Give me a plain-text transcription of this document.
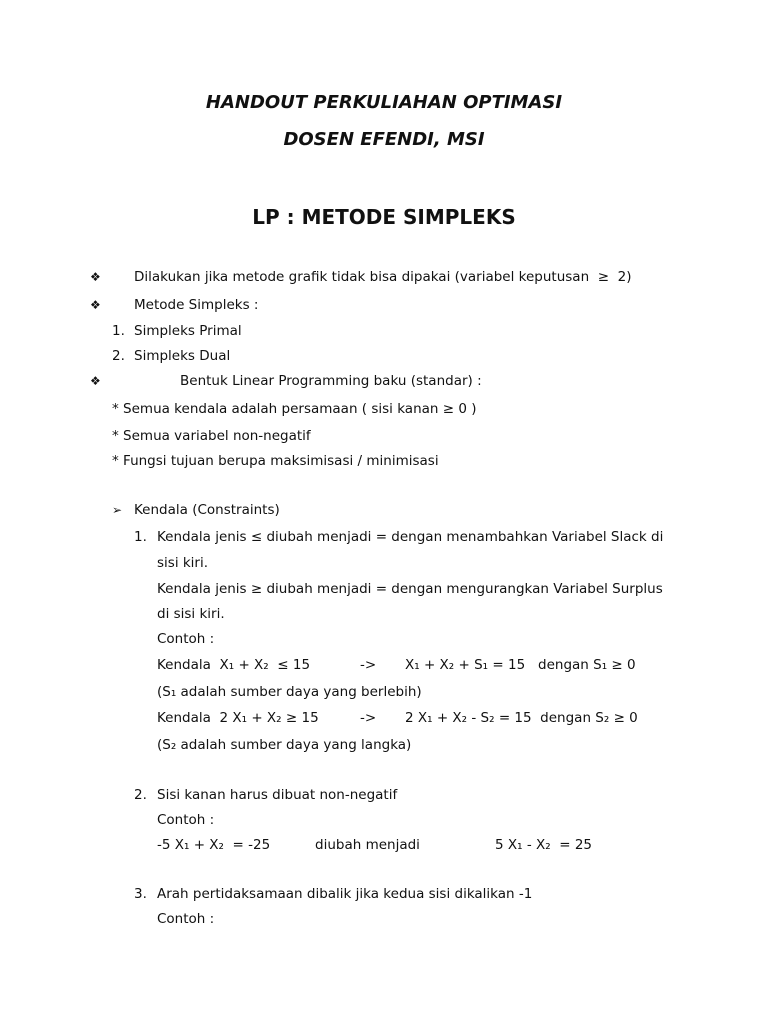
HANDOUT PERKULIAHAN OPTIMASI
DOSEN EFENDI, MSI
LP : METODE SIMPLEKS
❖ Dilakukan jika metode grafik tidak bisa dipakai (variabel keputusan  ≥  2)
❖ Metode Simpleks :
1. Simpleks Primal
2. Simpleks Dual
❖	Bentuk Linear Programming baku (standar) :
* Semua kendala adalah persamaan ( sisi kanan ≥ 0 )
* Semua variabel non-negatif
* Fungsi tujuan berupa maksimisasi / minimisasi
➢ Kendala (Constraints)
1. Kendala jenis ≤ diubah menjadi = dengan menambahkan Variabel Slack di
sisi kiri.
Kendala jenis ≥ diubah menjadi = dengan mengurangkan Variabel Surplus
di sisi kiri.
Contoh :
Kendala  X₁ + X₂  ≤ 15	-> X₁ + X₂ + S₁ = 15   dengan S₁ ≥ 0
(S₁ adalah sumber daya yang berlebih)
Kendala  2 X₁ + X₂ ≥ 15	-> 2 X₁ + X₂ - S₂ = 15  dengan S₂ ≥ 0
(S₂ adalah sumber daya yang langka)
2. Sisi kanan harus dibuat non-negatif
Contoh :
-5 X₁ + X₂  = -25	diubah menjadi	5 X₁ - X₂  = 25
3. Arah pertidaksamaan dibalik jika kedua sisi dikalikan -1
Contoh :
